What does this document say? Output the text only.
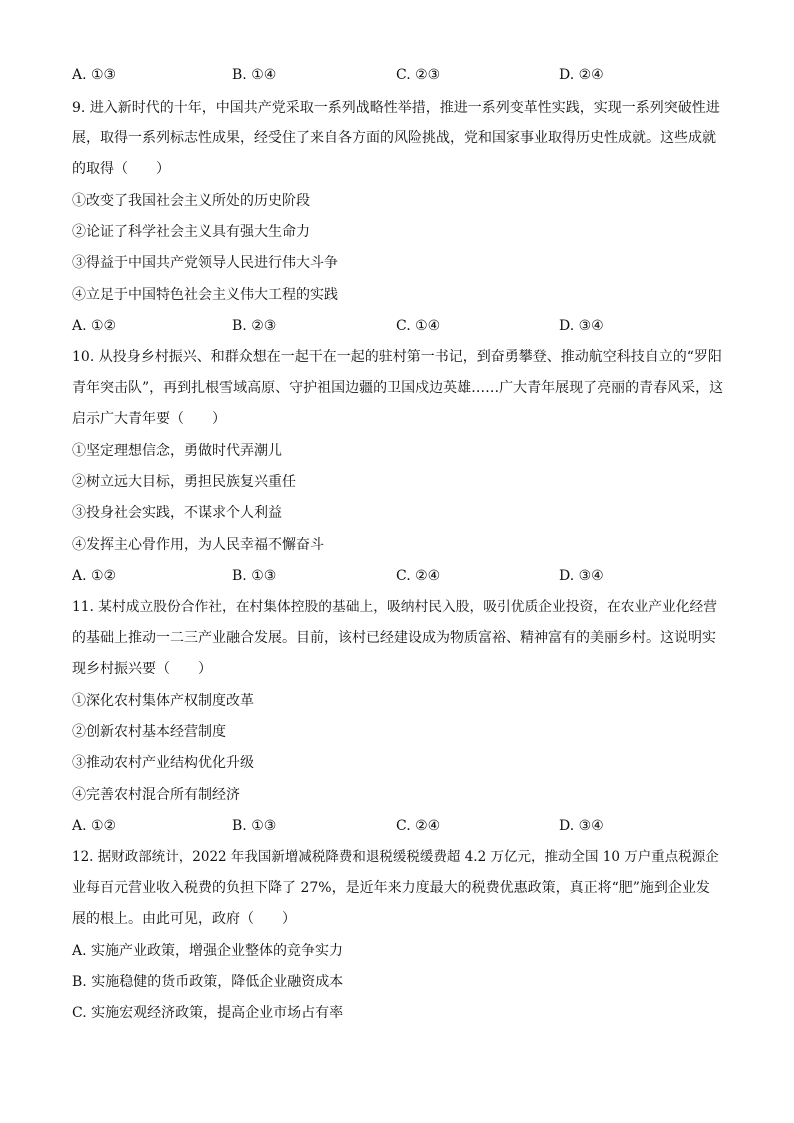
A. ①③	B. ①④	C. ②③	D. ②④
9. 进入新时代的十年，中国共产党采取一系列战略性举措，推进一系列变革性实践，实现一系列突破性进
展，取得一系列标志性成果，经受住了来自各方面的风险挑战，党和国家事业取得历史性成就。这些成就
的取得（　　）
①改变了我国社会主义所处的历史阶段
②论证了科学社会主义具有强大生命力
③得益于中国共产党领导人民进行伟大斗争
④立足于中国特色社会主义伟大工程的实践
A. ①②	B. ②③	C. ①④	D. ③④
10. 从投身乡村振兴、和群众想在一起干在一起的驻村第一书记，到奋勇攀登、推动航空科技自立的“罗阳
青年突击队”，再到扎根雪域高原、守护祖国边疆的卫国戍边英雄……广大青年展现了亮丽的青春风采，这
启示广大青年要（　　）
①坚定理想信念，勇做时代弄潮儿
②树立远大目标，勇担民族复兴重任
③投身社会实践，不谋求个人利益
④发挥主心骨作用，为人民幸福不懈奋斗
A. ①②	B. ①③	C. ②④	D. ③④
11. 某村成立股份合作社，在村集体控股的基础上，吸纳村民入股，吸引优质企业投资，在农业产业化经营
的基础上推动一二三产业融合发展。目前，该村已经建设成为物质富裕、精神富有的美丽乡村。这说明实
现乡村振兴要（　　）
①深化农村集体产权制度改革
②创新农村基本经营制度
③推动农村产业结构优化升级
④完善农村混合所有制经济
A. ①②	B. ①③	C. ②④	D. ③④
12. 据财政部统计，2022 年我国新增减税降费和退税缓税缓费超 4.2 万亿元，推动全国 10 万户重点税源企
业每百元营业收入税费的负担下降了 27%，是近年来力度最大的税费优惠政策，真正将“肥”施到企业发
展的根上。由此可见，政府（　　）
A. 实施产业政策，增强企业整体的竞争实力
B. 实施稳健的货币政策，降低企业融资成本
C. 实施宏观经济政策，提高企业市场占有率
